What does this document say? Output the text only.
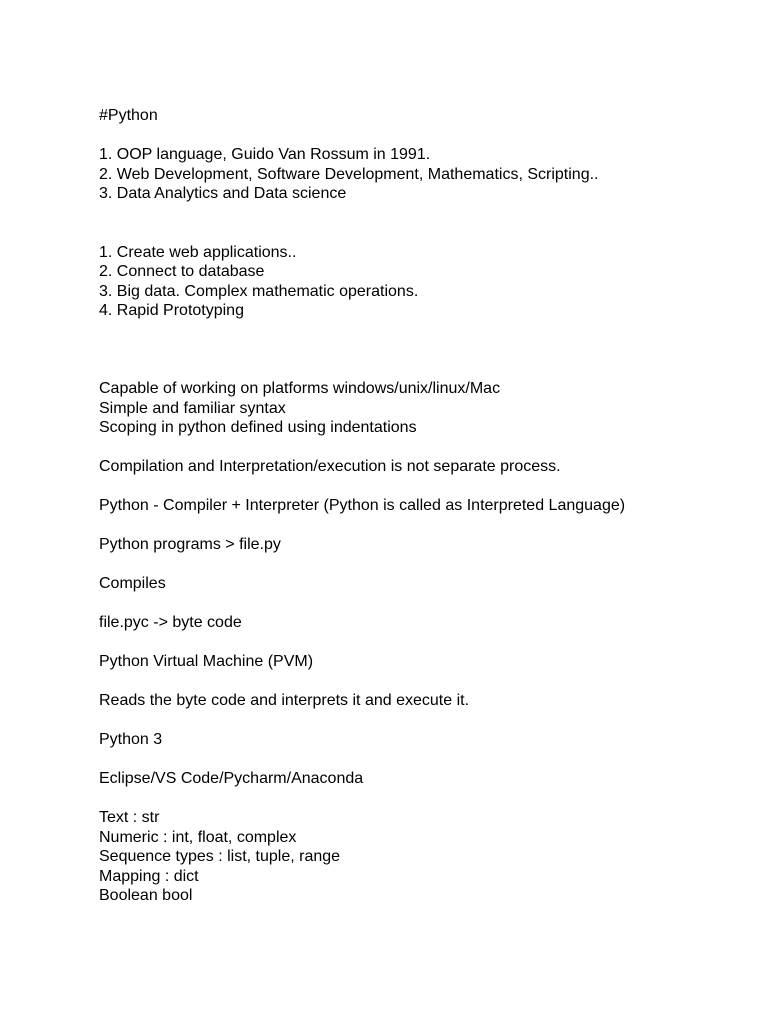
#Python
1. OOP language, Guido Van Rossum in 1991.
2. Web Development, Software Development, Mathematics, Scripting..
3. Data Analytics and Data science
1. Create web applications..
2. Connect to database
3. Big data. Complex mathematic operations.
4. Rapid Prototyping
Capable of working on platforms windows/unix/linux/Mac
Simple and familiar syntax
Scoping in python defined using indentations
Compilation and Interpretation/execution is not separate process.
Python - Compiler + Interpreter (Python is called as Interpreted Language)
Python programs > file.py
Compiles
file.pyc -> byte code
Python Virtual Machine (PVM)
Reads the byte code and interprets it and execute it.
Python 3
Eclipse/VS Code/Pycharm/Anaconda
Text : str
Numeric : int, float, complex
Sequence types : list, tuple, range
Mapping : dict
Boolean bool
